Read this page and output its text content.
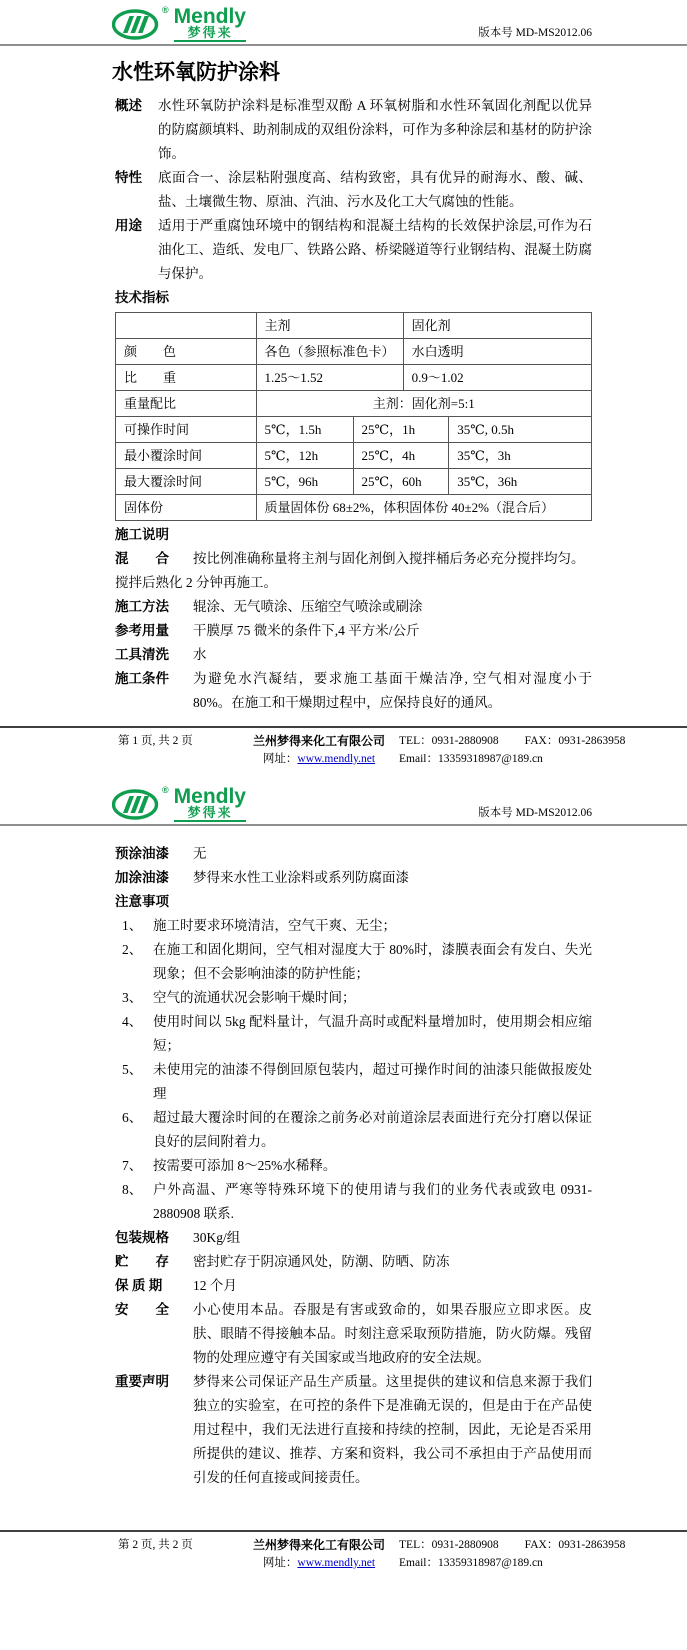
® Mendly
梦得来	版本号 MD-MS2012.06
水性环氧防护涂料
概述	水性环氧防护涂料是标准型双酚 A 环氧树脂和水性环氧固化剂配以优异的防腐颜填料、助剂制成的双组份涂料，可作为多种涂层和基材的防护涂饰。
特性	底面合一、涂层粘附强度高、结构致密，具有优异的耐海水、酸、碱、盐、土壤微生物、原油、汽油、污水及化工大气腐蚀的性能。
用途	适用于严重腐蚀环境中的钢结构和混凝土结构的长效保护涂层,可作为石油化工、造纸、发电厂、铁路公路、桥梁隧道等行业钢结构、混凝土防腐与保护。
技术指标
	主剂		固化剂	
颜　　色	各色（参照标准色卡）		水白透明	
比　　重	1.25～1.52		0.9～1.02	
重量配比	主剂：固化剂=5:1			
可操作时间	5℃，1.5h	25℃，1h		35℃, 0.5h
最小覆涂时间	5℃，12h	25℃，4h		35℃，3h
最大覆涂时间	5℃，96h	25℃，60h		35℃，36h
固体份	质量固体份 68±2%，体积固体份 40±2%（混合后）			
施工说明
混　　合	按比例准确称量将主剂与固化剂倒入搅拌桶后务必充分搅拌均匀。
搅拌后熟化 2 分钟再施工。
施工方法	辊涂、无气喷涂、压缩空气喷涂或刷涂
参考用量	干膜厚 75 微米的条件下,4 平方米/公斤
工具清洗	水
施工条件	为避免水汽凝结，要求施工基面干燥洁净, 空气相对湿度小于 80%。在施工和干燥期过程中，应保持良好的通风。
第 1 页, 共 2 页	兰州梦得来化工有限公司
网址：www.mendly.net
TEL：0931-2880908 FAX：0931-2863958
Email：13359318987@189.cn
® Mendly
梦得来	版本号 MD-MS2012.06
预涂油漆	无
加涂油漆	梦得来水性工业涂料或系列防腐面漆
注意事项
1、 施工时要求环境清洁，空气干爽、无尘；
2、 在施工和固化期间，空气相对湿度大于 80%时，漆膜表面会有发白、失光现象；但不会影响油漆的防护性能；
3、 空气的流通状况会影响干燥时间；
4、 使用时间以 5kg 配料量计，气温升高时或配料量增加时，使用期会相应缩短；
5、 未使用完的油漆不得倒回原包装内，超过可操作时间的油漆只能做报废处理
6、 超过最大覆涂时间的在覆涂之前务必对前道涂层表面进行充分打磨以保证良好的层间附着力。
7、 按需要可添加 8～25%水稀释。
8、 户外高温、严寒等特殊环境下的使用请与我们的业务代表或致电 0931-2880908 联系.
包装规格	30Kg/组
贮　　存	密封贮存于阴凉通风处，防潮、防晒、防冻
保 质 期	12 个月
安　　全	小心使用本品。吞服是有害或致命的，如果吞服应立即求医。皮肤、眼睛不得接触本品。时刻注意采取预防措施，防火防爆。残留物的处理应遵守有关国家或当地政府的安全法规。
重要声明	梦得来公司保证产品生产质量。这里提供的建议和信息来源于我们独立的实验室，在可控的条件下是准确无误的，但是由于在产品使用过程中，我们无法进行直接和持续的控制，因此，无论是否采用所提供的建议、推荐、方案和资料，我公司不承担由于产品使用而引发的任何直接或间接责任。
第 2 页, 共 2 页	兰州梦得来化工有限公司
网址：www.mendly.net
TEL：0931-2880908 FAX：0931-2863958
Email：13359318987@189.cn
